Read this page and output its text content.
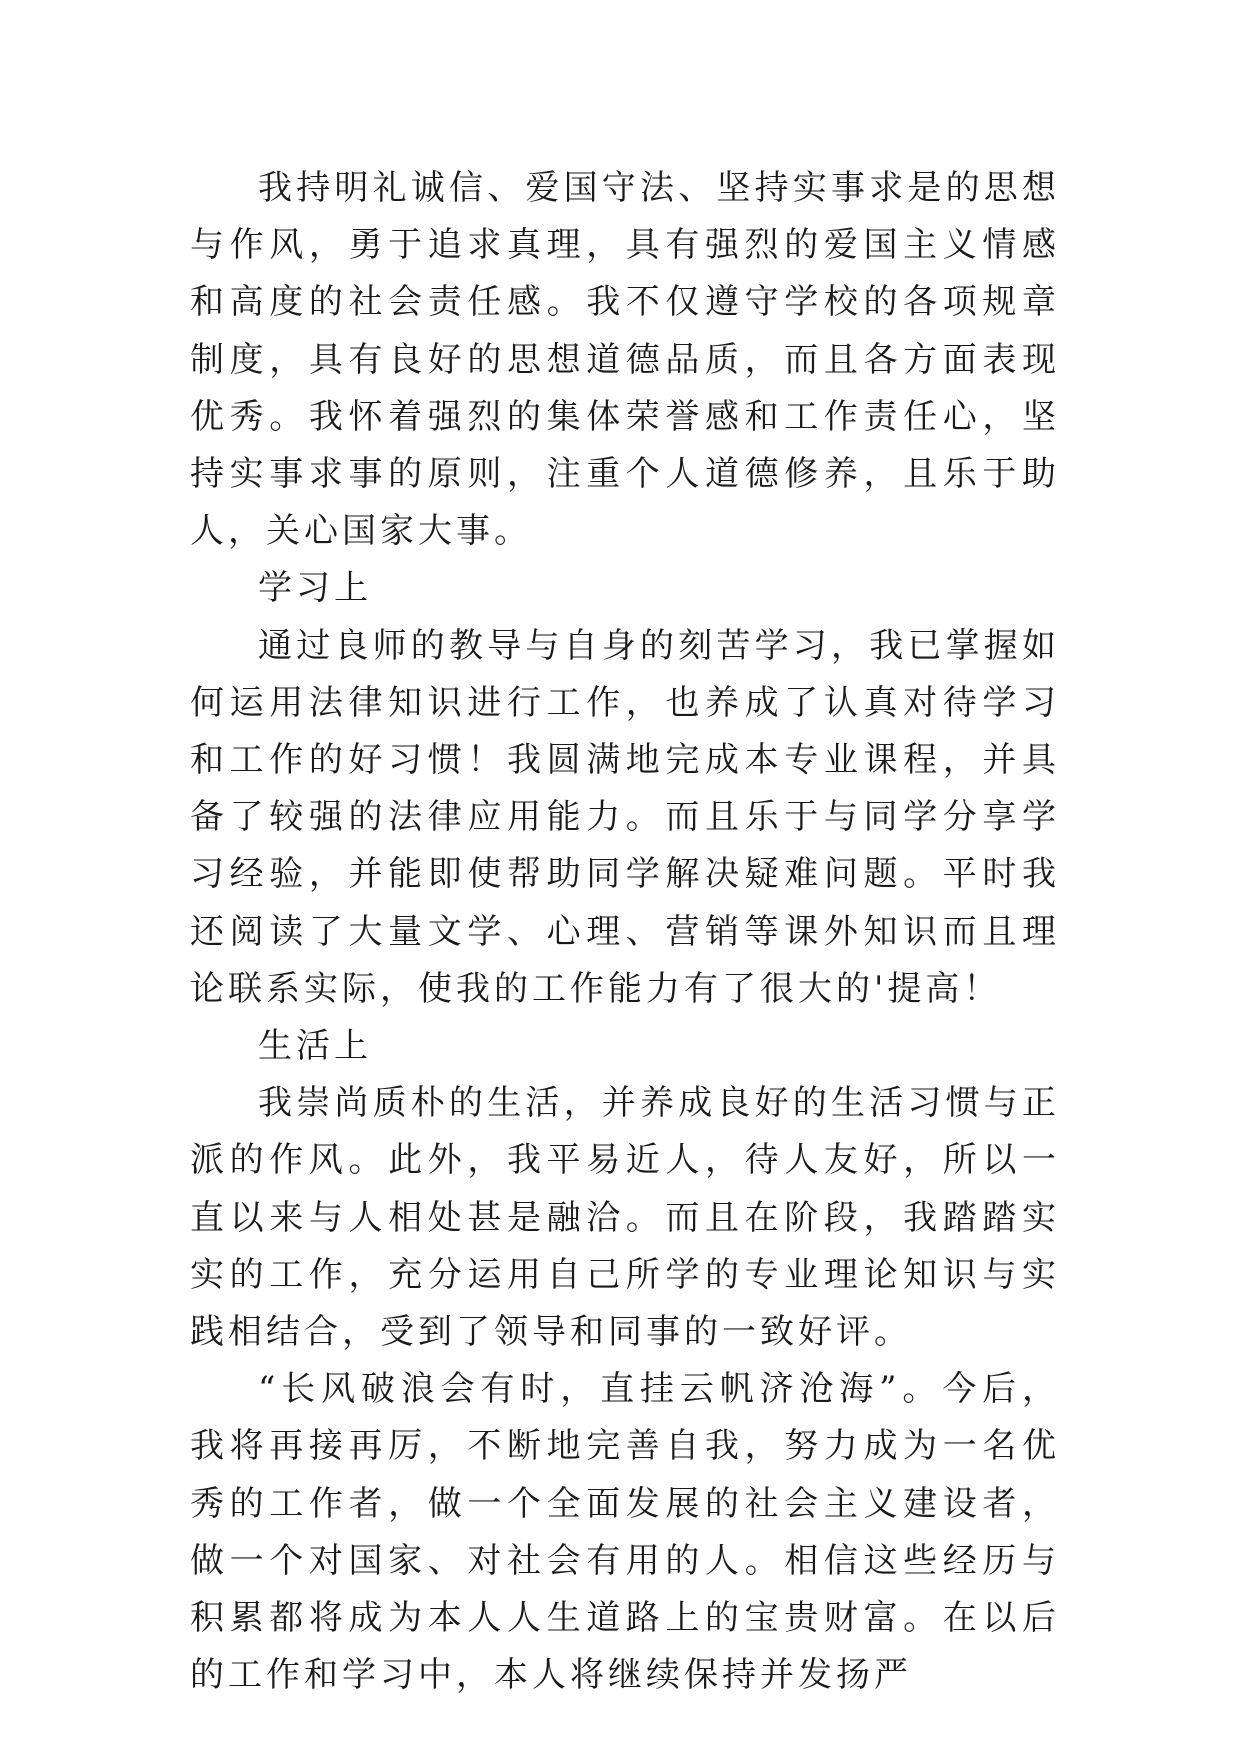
我持明礼诚信、爱国守法、坚持实事求是的思想与作风，勇于追求真理，具有强烈的爱国主义情感和高度的社会责任感。我不仅遵守学校的各项规章制度，具有良好的思想道德品质，而且各方面表现优秀。我怀着强烈的集体荣誉感和工作责任心，坚持实事求事的原则，注重个人道德修养，且乐于助人，关心国家大事。

学习上

通过良师的教导与自身的刻苦学习，我已掌握如何运用法律知识进行工作，也养成了认真对待学习和工作的好习惯！我圆满地完成本专业课程，并具备了较强的法律应用能力。而且乐于与同学分享学习经验，并能即使帮助同学解决疑难问题。平时我还阅读了大量文学、心理、营销等课外知识而且理论联系实际，使我的工作能力有了很大的'提高！

生活上

我崇尚质朴的生活，并养成良好的生活习惯与正派的作风。此外，我平易近人，待人友好，所以一直以来与人相处甚是融洽。而且在阶段，我踏踏实实的工作，充分运用自己所学的专业理论知识与实践相结合，受到了领导和同事的一致好评。

“长风破浪会有时，直挂云帆济沧海”。今后，我将再接再厉，不断地完善自我，努力成为一名优秀的工作者，做一个全面发展的社会主义建设者，做一个对国家、对社会有用的人。相信这些经历与积累都将成为本人人生道路上的宝贵财富。在以后的工作和学习中，本人将继续保持并发扬严
